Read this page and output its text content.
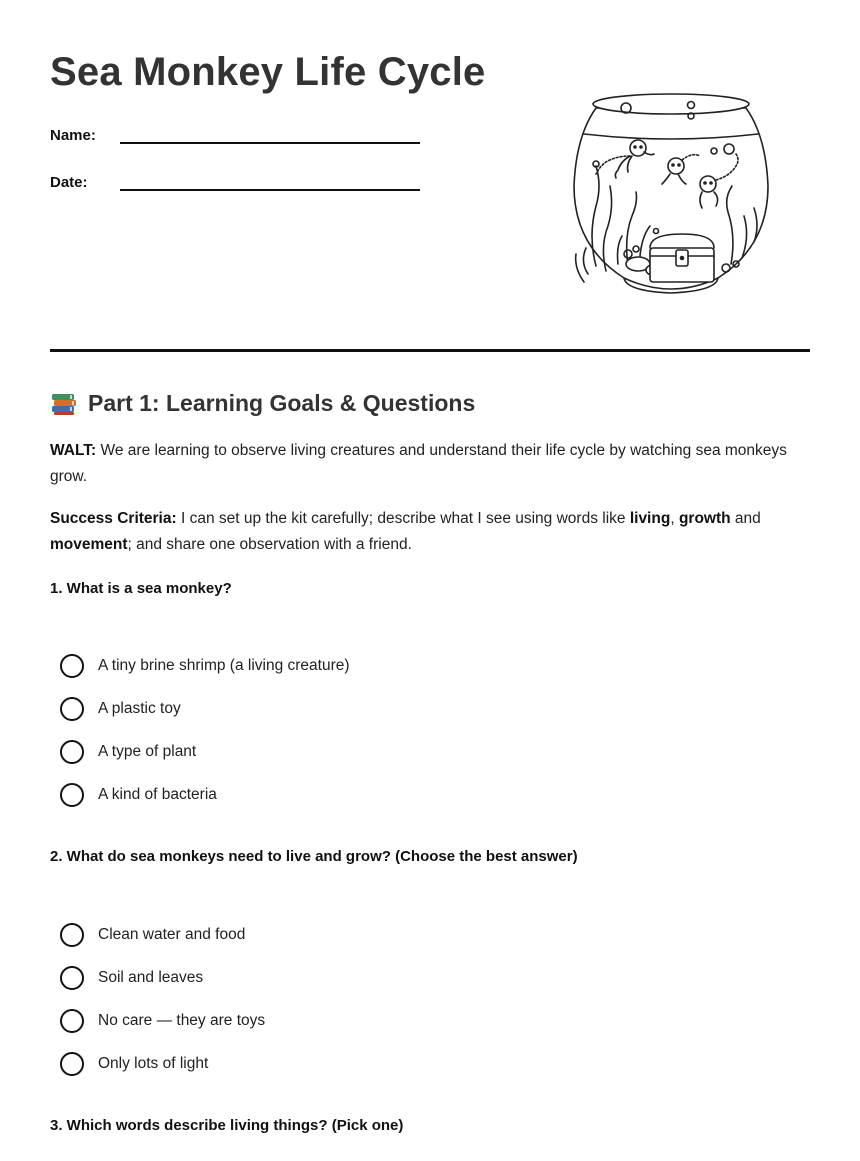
Sea Monkey Life Cycle
Name:
Date:
Part 1: Learning Goals & Questions
WALT: We are learning to observe living creatures and understand their life cycle by watching sea monkeys grow.
Success Criteria: I can set up the kit carefully; describe what I see using words like living, growth and movement; and share one observation with a friend.
1. What is a sea monkey?
A tiny brine shrimp (a living creature)
A plastic toy
A type of plant
A kind of bacteria
2. What do sea monkeys need to live and grow? (Choose the best answer)
Clean water and food
Soil and leaves
No care — they are toys
Only lots of light
3. Which words describe living things? (Pick one)
